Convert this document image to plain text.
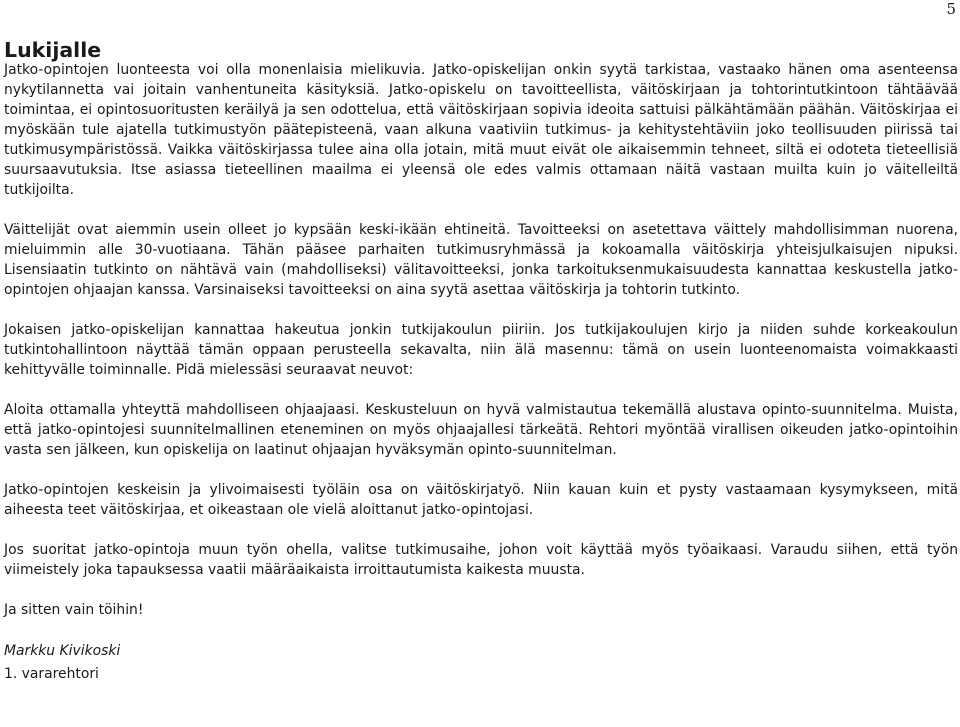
5
Lukijalle

Jatko-opintojen luonteesta voi olla monenlaisia mielikuvia. Jatko-opiskelijan onkin syytä tarkistaa, vastaako hänen oma asenteensa nykytilannetta vai joitain vanhentuneita käsityksiä. Jatko-opiskelu on tavoitteellista, väitöskirjaan ja tohtorintutkintoon tähtäävää toimintaa, ei opintosuoritusten keräilyä ja sen odottelua, että väitöskirjaan sopivia ideoita sattuisi pälkähtämään päähän. Väitöskirjaa ei myöskään tule ajatella tutkimustyön päätepisteenä, vaan alkuna vaativiin tutkimus- ja kehitystehtäviin joko teollisuuden piirissä tai tutkimusympäristössä. Vaikka väitöskirjassa tulee aina olla jotain, mitä muut eivät ole aikaisemmin tehneet, siltä ei odoteta tieteellisiä suursaavutuksia. Itse asiassa tieteellinen maailma ei yleensä ole edes valmis ottamaan näitä vastaan muilta kuin jo väitelleiltä tutkijoilta.

Väittelijät ovat aiemmin usein olleet jo kypsään keski-ikään ehtineitä. Tavoitteeksi on asetettava väittely mahdollisimman nuorena, mieluimmin alle 30-vuotiaana. Tähän pääsee parhaiten tutkimusryhmässä ja kokoamalla väitöskirja yhteisjulkaisujen nipuksi. Lisensiaatin tutkinto on nähtävä vain (mahdolliseksi) välitavoitteeksi, jonka tarkoituksenmukaisuudesta kannattaa keskustella jatko-opintojen ohjaajan kanssa. Varsinaiseksi tavoitteeksi on aina syytä asettaa väitöskirja ja tohtorin tutkinto.

Jokaisen jatko-opiskelijan kannattaa hakeutua jonkin tutkijakoulun piiriin. Jos tutkijakoulujen kirjo ja niiden suhde korkeakoulun tutkintohallintoon näyttää tämän oppaan perusteella sekavalta, niin älä masennu: tämä on usein luonteenomaista voimakkaasti kehittyvälle toiminnalle. Pidä mielessäsi seuraavat neuvot:

Aloita ottamalla yhteyttä mahdolliseen ohjaajaasi. Keskusteluun on hyvä valmistautua tekemällä alustava opinto-suunnitelma. Muista, että jatko-opintojesi suunnitelmallinen eteneminen on myös ohjaajallesi tärkeätä. Rehtori myöntää virallisen oikeuden jatko-opintoihin vasta sen jälkeen, kun opiskelija on laatinut ohjaajan hyväksymän opinto-suunnitelman.

Jatko-opintojen keskeisin ja ylivoimaisesti työläin osa on väitöskirjatyö. Niin kauan kuin et pysty vastaamaan kysymykseen, mitä aiheesta teet väitöskirjaa, et oikeastaan ole vielä aloittanut jatko-opintojasi.

Jos suoritat jatko-opintoja muun työn ohella, valitse tutkimusaihe, johon voit käyttää myös työaikaasi. Varaudu siihen, että työn viimeistely joka tapauksessa vaatii määräaikaista irroittautumista kaikesta muusta.

Ja sitten vain töihin!

Markku Kivikoski
1. vararehtori
